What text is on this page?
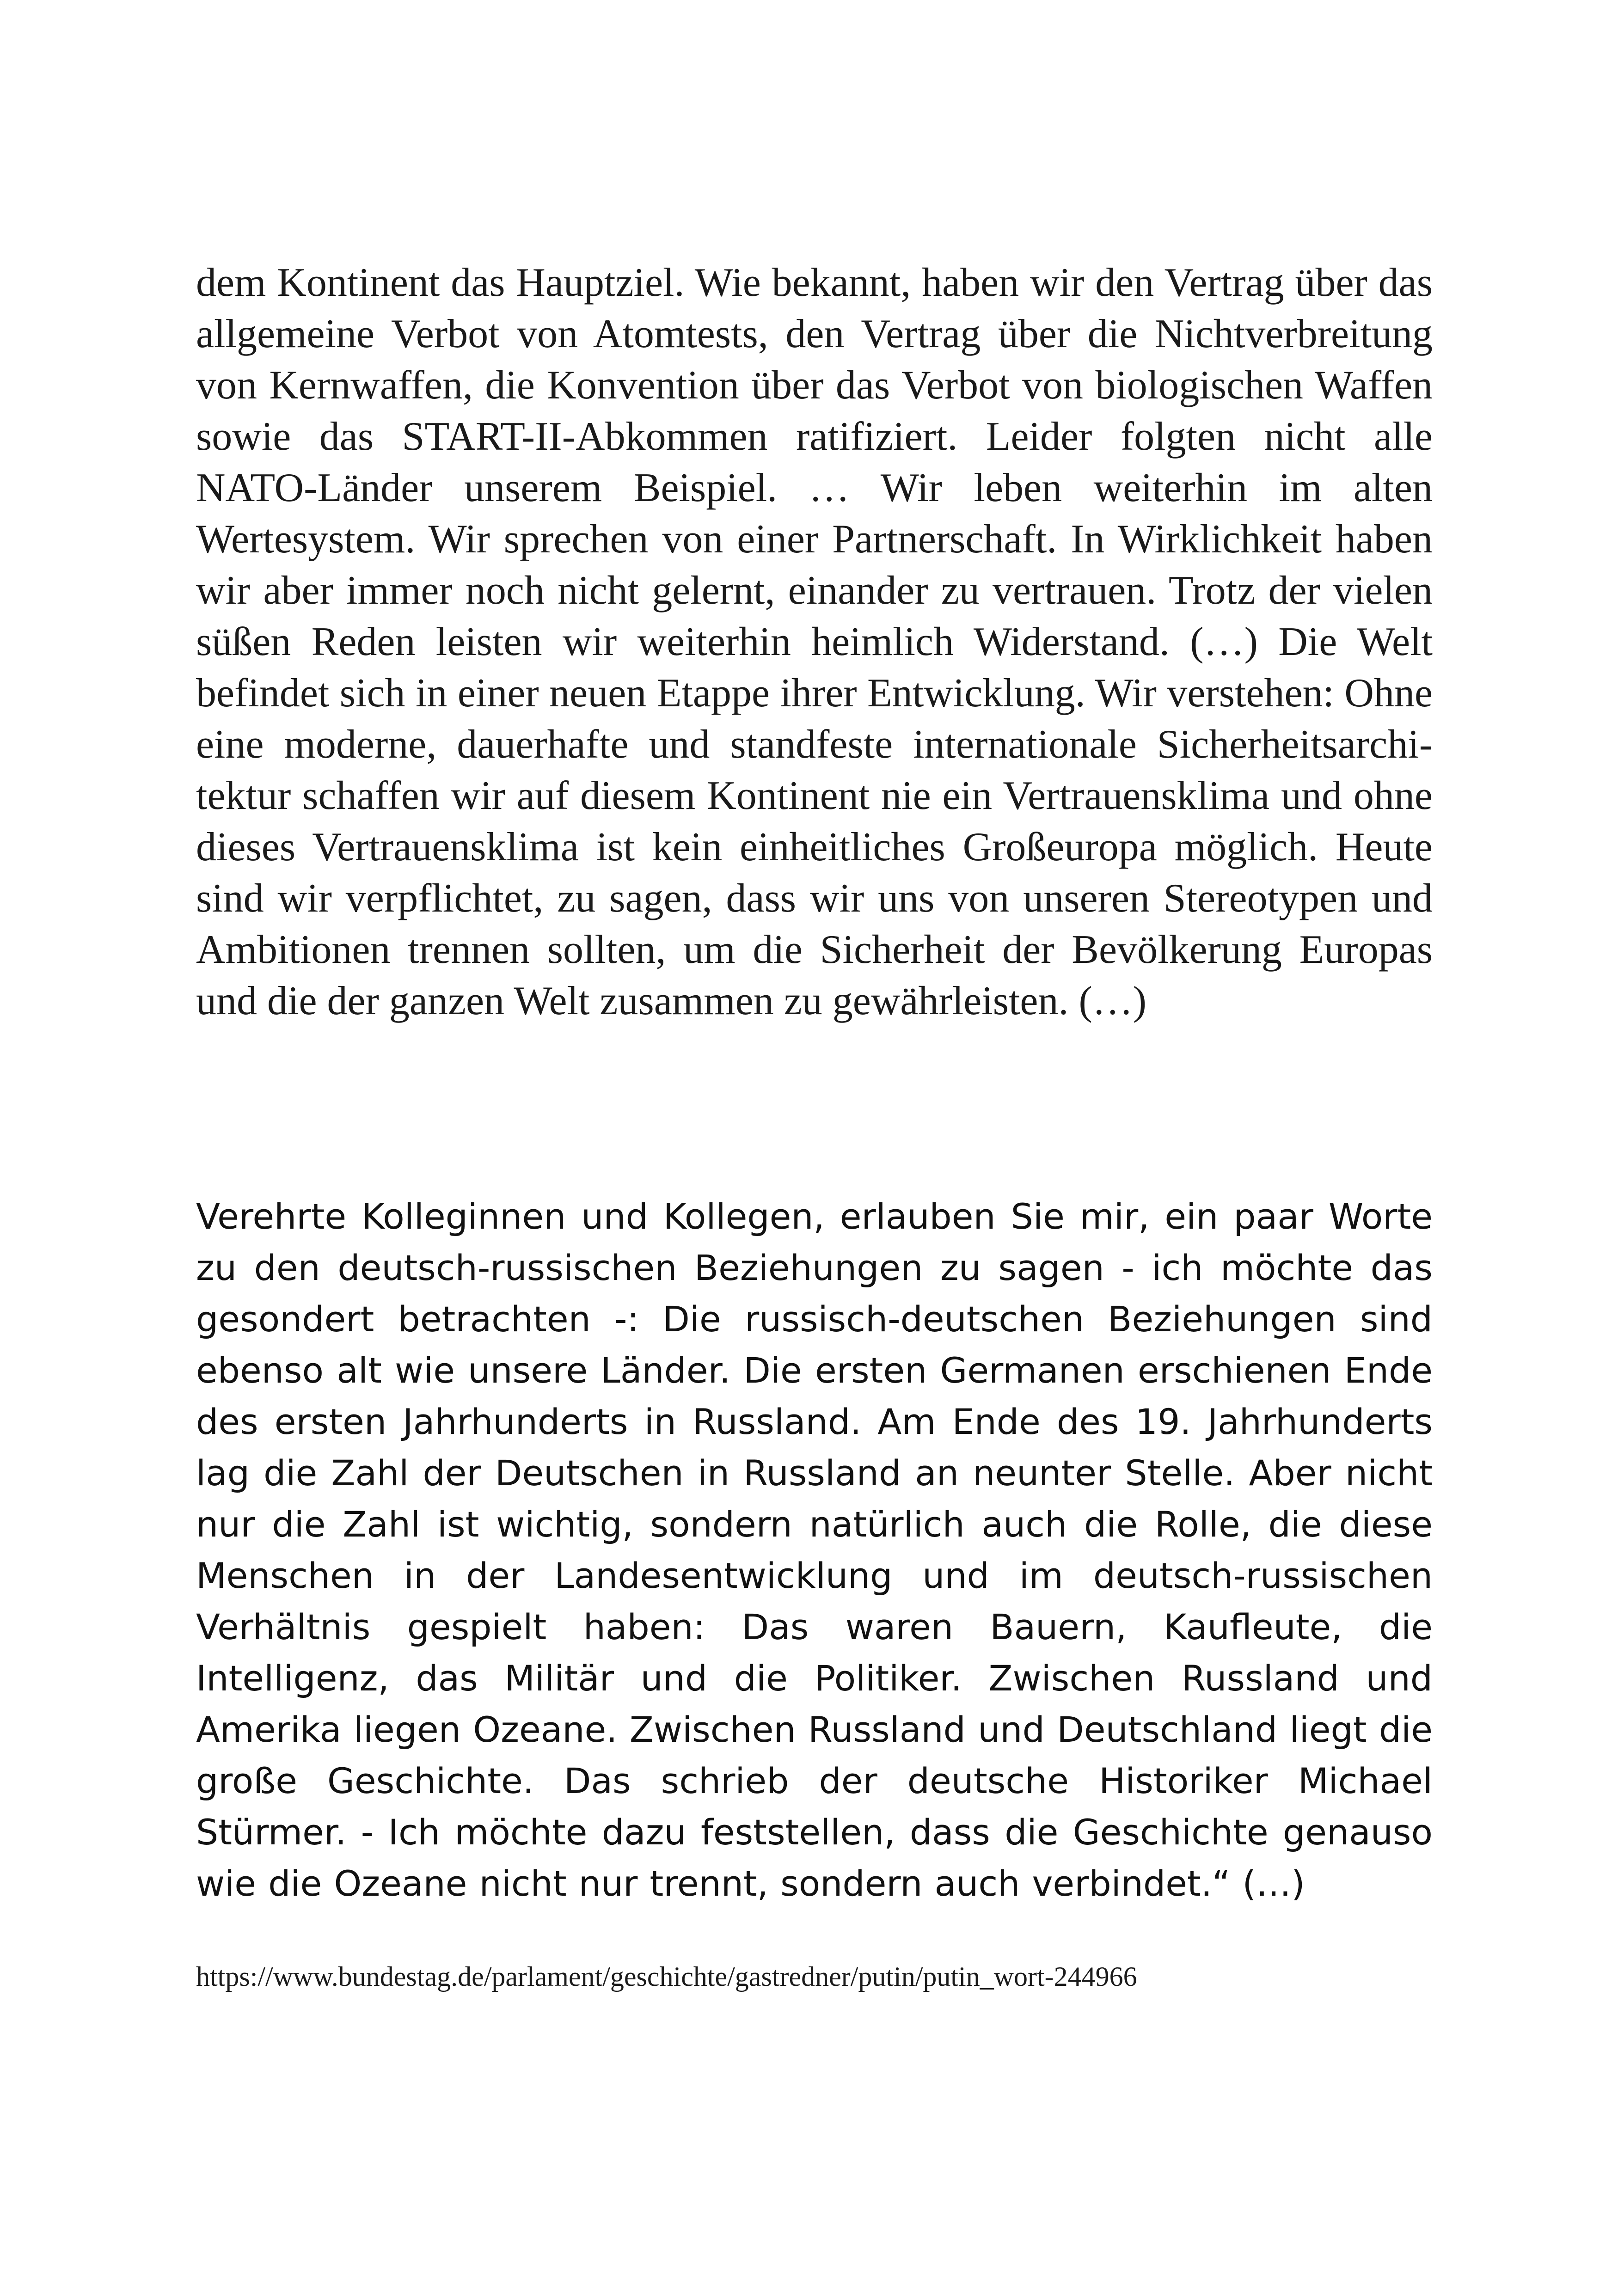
dem Kontinent das Hauptziel. Wie bekannt, haben wir den Vertrag über das allgemeine Verbot von Atomtests, den Vertrag über die Nichtverbreitung von Kernwaffen, die Konvention über das Verbot von biologischen Waffen sowie das START-II-Abkommen ratifiziert. Leider folgten nicht alle NATO-Länder unserem Beispiel. … Wir leben weiterhin im alten Wertesystem. Wir sprechen von einer Partnerschaft. In Wirklichkeit haben wir aber immer noch nicht gelernt, einander zu vertrauen. Trotz der vielen süßen Reden leisten wir weiterhin heimlich Widerstand. (…) Die Welt befindet sich in einer neuen Etappe ihrer Entwicklung. Wir verstehen: Ohne eine moderne, dauerhafte und standfeste internationale Sicherheitsarchitektur schaffen wir auf diesem Kontinent nie ein Vertrauensklima und ohne dieses Vertrauensklima ist kein einheitliches Großeuropa möglich. Heute sind wir verpflichtet, zu sagen, dass wir uns von unseren Stereotypen und Ambitionen trennen sollten, um die Sicherheit der Bevölkerung Europas und die der ganzen Welt zusammen zu gewährleisten. (…)

Verehrte Kolleginnen und Kollegen, erlauben Sie mir, ein paar Worte zu den deutsch-russischen Beziehungen zu sagen - ich möchte das gesondert betrachten -: Die russisch-deutschen Beziehungen sind ebenso alt wie unsere Länder. Die ersten Germanen erschienen Ende des ersten Jahrhunderts in Russland. Am Ende des 19. Jahrhunderts lag die Zahl der Deutschen in Russland an neunter Stelle. Aber nicht nur die Zahl ist wichtig, sondern natürlich auch die Rolle, die diese Menschen in der Landesentwicklung und im deutsch-russischen Verhältnis gespielt haben: Das waren Bauern, Kaufleute, die Intelligenz, das Militär und die Politiker. Zwischen Russland und Amerika liegen Ozeane. Zwischen Russland und Deutschland liegt die große Geschichte. Das schrieb der deutsche Historiker Michael Stürmer. - Ich möchte dazu feststellen, dass die Geschichte genauso wie die Ozeane nicht nur trennt, sondern auch verbindet.“ (…)

https://www.bundestag.de/parlament/geschichte/gastredner/putin/putin_wort-244966
